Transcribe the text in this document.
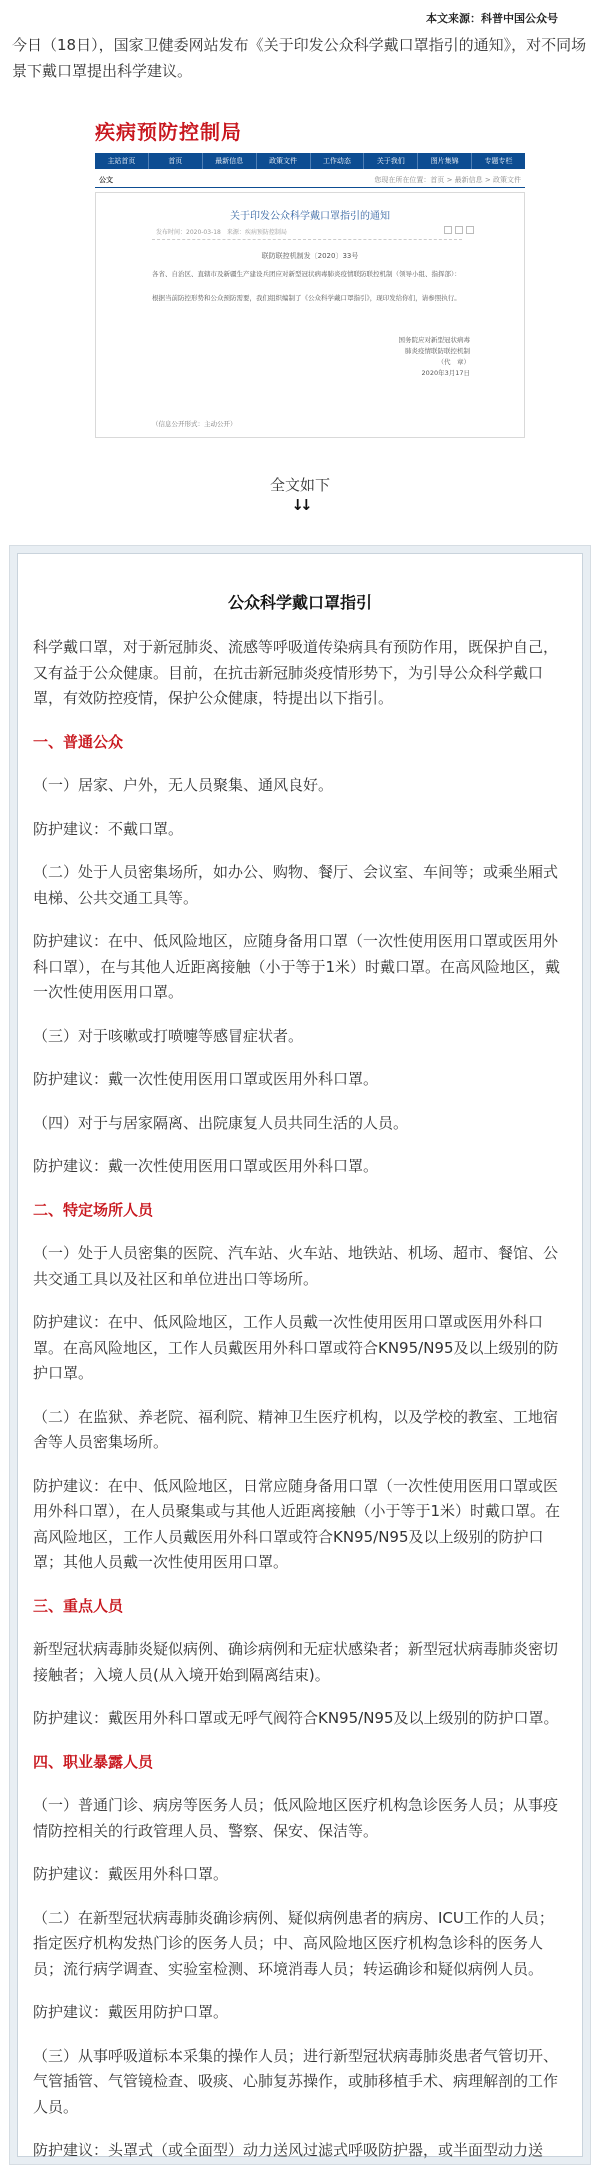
本文来源：科普中国公众号
今日（18日），国家卫健委网站发布《关于印发公众科学戴口罩指引的通知》，对不同场景下戴口罩提出科学建议。
疾病预防控制局
主站首页	首页	最新信息	政策文件	工作动态	关于我们	图片集锦	专题专栏
公文	您现在所在位置：首页 > 最新信息 > 政策文件
关于印发公众科学戴口罩指引的通知
发布时间：2020-03-18　来源：疾病预防控制局
联防联控机制发〔2020〕33号
各省、自治区、直辖市及新疆生产建设兵团应对新型冠状病毒肺炎疫情联防联控机制（领导小组、指挥部）：
根据当前防控形势和公众预防需要，我们组织编制了《公众科学戴口罩指引》，现印发给你们，请参照执行。
国务院应对新型冠状病毒
肺炎疫情联防联控机制
（代　章）
2020年3月17日
（信息公开形式：主动公开）
全文如下
↓↓
公众科学戴口罩指引
科学戴口罩，对于新冠肺炎、流感等呼吸道传染病具有预防作用，既保护自己，又有益于公众健康。目前，在抗击新冠肺炎疫情形势下，为引导公众科学戴口罩，有效防控疫情，保护公众健康，特提出以下指引。
一、普通公众
（一）居家、户外，无人员聚集、通风良好。
防护建议：不戴口罩。
（二）处于人员密集场所，如办公、购物、餐厅、会议室、车间等；或乘坐厢式电梯、公共交通工具等。
防护建议：在中、低风险地区，应随身备用口罩（一次性使用医用口罩或医用外科口罩），在与其他人近距离接触（小于等于1米）时戴口罩。在高风险地区，戴一次性使用医用口罩。
（三）对于咳嗽或打喷嚏等感冒症状者。
防护建议：戴一次性使用医用口罩或医用外科口罩。
（四）对于与居家隔离、出院康复人员共同生活的人员。
防护建议：戴一次性使用医用口罩或医用外科口罩。
二、特定场所人员
（一）处于人员密集的医院、汽车站、火车站、地铁站、机场、超市、餐馆、公共交通工具以及社区和单位进出口等场所。
防护建议：在中、低风险地区，工作人员戴一次性使用医用口罩或医用外科口罩。在高风险地区，工作人员戴医用外科口罩或符合KN95/N95及以上级别的防护口罩。
（二）在监狱、养老院、福利院、精神卫生医疗机构，以及学校的教室、工地宿舍等人员密集场所。
防护建议：在中、低风险地区，日常应随身备用口罩（一次性使用医用口罩或医用外科口罩），在人员聚集或与其他人近距离接触（小于等于1米）时戴口罩。在高风险地区，工作人员戴医用外科口罩或符合KN95/N95及以上级别的防护口罩；其他人员戴一次性使用医用口罩。
三、重点人员
新型冠状病毒肺炎疑似病例、确诊病例和无症状感染者；新型冠状病毒肺炎密切接触者；入境人员(从入境开始到隔离结束)。
防护建议：戴医用外科口罩或无呼气阀符合KN95/N95及以上级别的防护口罩。
四、职业暴露人员
（一）普通门诊、病房等医务人员；低风险地区医疗机构急诊医务人员；从事疫情防控相关的行政管理人员、警察、保安、保洁等。
防护建议：戴医用外科口罩。
（二）在新型冠状病毒肺炎确诊病例、疑似病例患者的病房、ICU工作的人员；指定医疗机构发热门诊的医务人员；中、高风险地区医疗机构急诊科的医务人员；流行病学调查、实验室检测、环境消毒人员；转运确诊和疑似病例人员。
防护建议：戴医用防护口罩。
（三）从事呼吸道标本采集的操作人员；进行新型冠状病毒肺炎患者气管切开、气管插管、气管镜检查、吸痰、心肺复苏操作，或肺移植手术、病理解剖的工作人员。
防护建议：头罩式（或全面型）动力送风过滤式呼吸防护器，或半面型动力送
